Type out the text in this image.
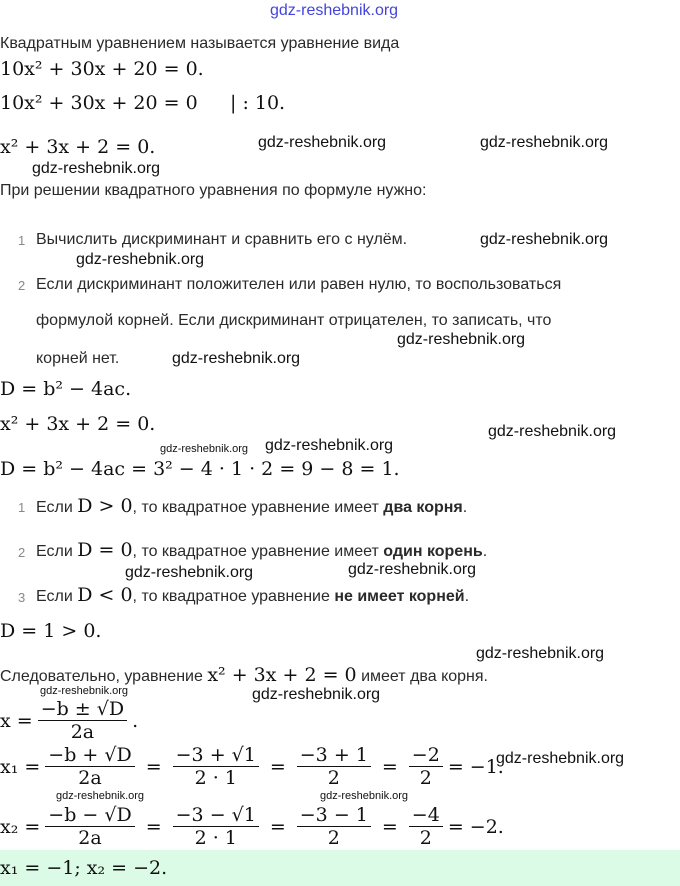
gdz-reshebnik.org
Квадратным уравнением называется уравнение вида
10x² + 30x + 20 = 0.
10x² + 30x + 20 = 0 | : 10.
x² + 3x + 2 = 0.	gdz-reshebnik.org	gdz-reshebnik.org
gdz-reshebnik.org
При решении квадратного уравнения по формуле нужно:
1 Вычислить дискриминант и сравнить его с нулём.	gdz-reshebnik.org
gdz-reshebnik.org
2 Если дискриминант положителен или равен нулю, то воспользоваться
формулой корней. Если дискриминант отрицателен, то записать, что
корней нет.
gdz-reshebnik.org
gdz-reshebnik.org
D = b² − 4ac.
x² + 3x + 2 = 0.
gdz-reshebnik.org gdz-reshebnik.org
gdz-reshebnik.org
D = b² − 4ac = 3² − 4 · 1 · 2 = 9 − 8 = 1.
1 Если D > 0, то квадратное уравнение имеет два корня.
2 Если D = 0, то квадратное уравнение имеет один корень.
gdz-reshebnik.org	gdz-reshebnik.org
3 Если D < 0, то квадратное уравнение не имеет корней.
D = 1 > 0.
gdz-reshebnik.org
Следовательно, уравнение x² + 3x + 2 = 0 имеет два корня.
gdz-reshebnik.org	gdz-reshebnik.org
$x = \frac{-b \pm √D}{2a}$ .
$x_1 = \frac{-b + √D}{2a} = \frac{-3 + √1}{2 \cdot 1} = \frac{-3 + 1}{2} = \frac{-2}{2} = -1$.
gdz-reshebnik.org
gdz-reshebnik.org	gdz-reshebnik.org
$x_2 = \frac{-b - √D}{2a} = \frac{-3 - √1}{2 \cdot 1} = \frac{-3 - 1}{2} = \frac{-4}{2} = -2$.
x₁ = −1; x₂ = −2.
